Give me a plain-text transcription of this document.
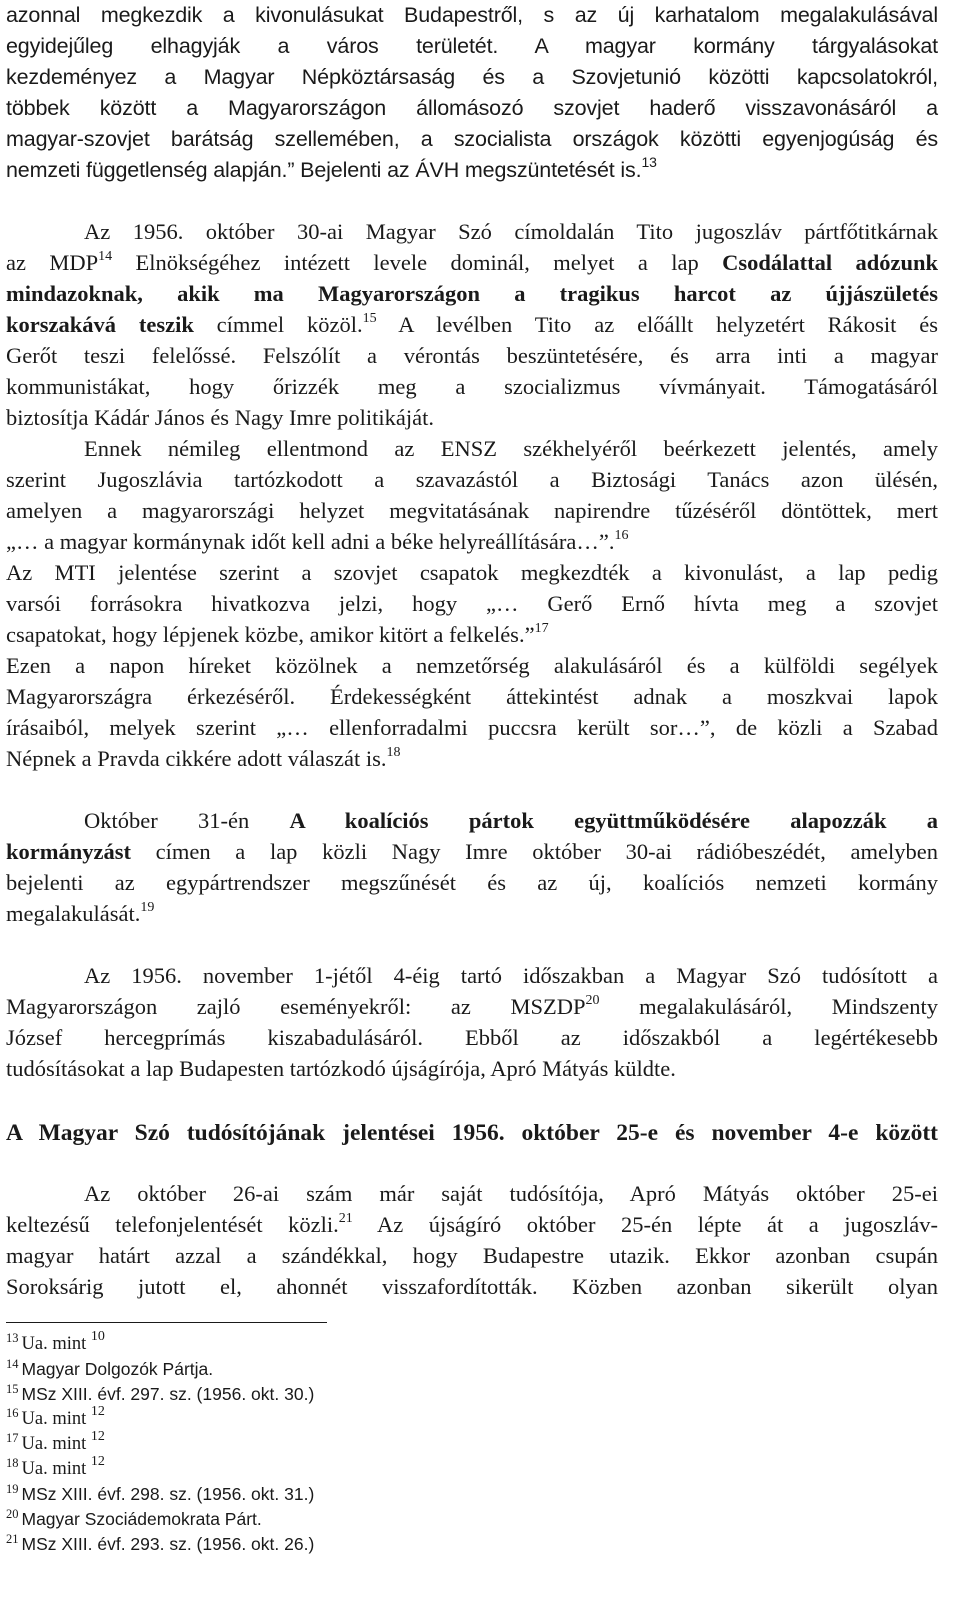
azonnal megkezdik a kivonulásukat Budapestről, s az új karhatalom megalakulásával
egyidejűleg elhagyják a város területét. A magyar kormány tárgyalásokat
kezdeményez a Magyar Népköztársaság és a Szovjetunió közötti kapcsolatokról,
többek között a Magyarországon állomásozó szovjet haderő visszavonásáról a
magyar-szovjet barátság szellemében, a szocialista országok közötti egyenjogúság és
nemzeti függetlenség alapján.” Bejelenti az ÁVH megszüntetését is.$^{13}$
Az 1956. október 30-ai Magyar Szó címoldalán Tito jugoszláv pártfőtitkárnak
az MDP$^{14}$ Elnökségéhez intézett levele dominál, melyet a lap Csodálattal adózunk
mindazoknak, akik ma Magyarországon a tragikus harcot az újjászületés
korszakává teszik címmel közöl.$^{15}$ A levélben Tito az előállt helyzetért Rákosit és
Gerőt teszi felelőssé. Felszólít a vérontás beszüntetésére, és arra inti a magyar
kommunistákat, hogy őrizzék meg a szocializmus vívmányait. Támogatásáról
biztosítja Kádár János és Nagy Imre politikáját.
Ennek némileg ellentmond az ENSZ székhelyéről beérkezett jelentés, amely
szerint Jugoszlávia tartózkodott a szavazástól a Biztosági Tanács azon ülésén,
amelyen a magyarországi helyzet megvitatásának napirendre tűzéséről döntöttek, mert
„… a magyar kormánynak időt kell adni a béke helyreállítására…”.$^{16}$
Az MTI jelentése szerint a szovjet csapatok megkezdték a kivonulást, a lap pedig
varsói forrásokra hivatkozva jelzi, hogy „… Gerő Ernő hívta meg a szovjet
csapatokat, hogy lépjenek közbe, amikor kitört a felkelés.”$^{17}$
Ezen a napon híreket közölnek a nemzetőrség alakulásáról és a külföldi segélyek
Magyarországra érkezéséről. Érdekességként áttekintést adnak a moszkvai lapok
írásaiból, melyek szerint „… ellenforradalmi puccsra került sor…”, de közli a Szabad
Népnek a Pravda cikkére adott válaszát is.$^{18}$
Október 31-én A koalíciós pártok együttműködésére alapozzák a
kormányzást címen a lap közli Nagy Imre október 30-ai rádióbeszédét, amelyben
bejelenti az egypártrendszer megszűnését és az új, koalíciós nemzeti kormány
megalakulását.$^{19}$
Az 1956. november 1-jétől 4-éig tartó időszakban a Magyar Szó tudósított a
Magyarországon zajló eseményekről: az MSZDP$^{20}$ megalakulásáról, Mindszenty
József hercegprímás kiszabadulásáról. Ebből az időszakból a legértékesebb
tudósításokat a lap Budapesten tartózkodó újságírója, Apró Mátyás küldte.
A Magyar Szó tudósítójának jelentései 1956. október 25-e és november 4-e között
Az október 26-ai szám már saját tudósítója, Apró Mátyás október 25-ei
keltezésű telefonjelentését közli.$^{21}$ Az újságíró október 25-én lépte át a jugoszláv-
magyar határt azzal a szándékkal, hogy Budapestre utazik. Ekkor azonban csupán
Soroksárig jutott el, ahonnét visszafordították. Közben azonban sikerült olyan
$^{13}$ Ua. mint $^{10}$
$^{14}$ Magyar Dolgozók Pártja.
$^{15}$ MSz XIII. évf. 297. sz. (1956. okt. 30.)
$^{16}$ Ua. mint $^{12}$
$^{17}$ Ua. mint $^{12}$
$^{18}$ Ua. mint $^{12}$
$^{19}$ MSz XIII. évf. 298. sz. (1956. okt. 31.)
$^{20}$ Magyar Szociádemokrata Párt.
$^{21}$ MSz XIII. évf. 293. sz. (1956. okt. 26.)
